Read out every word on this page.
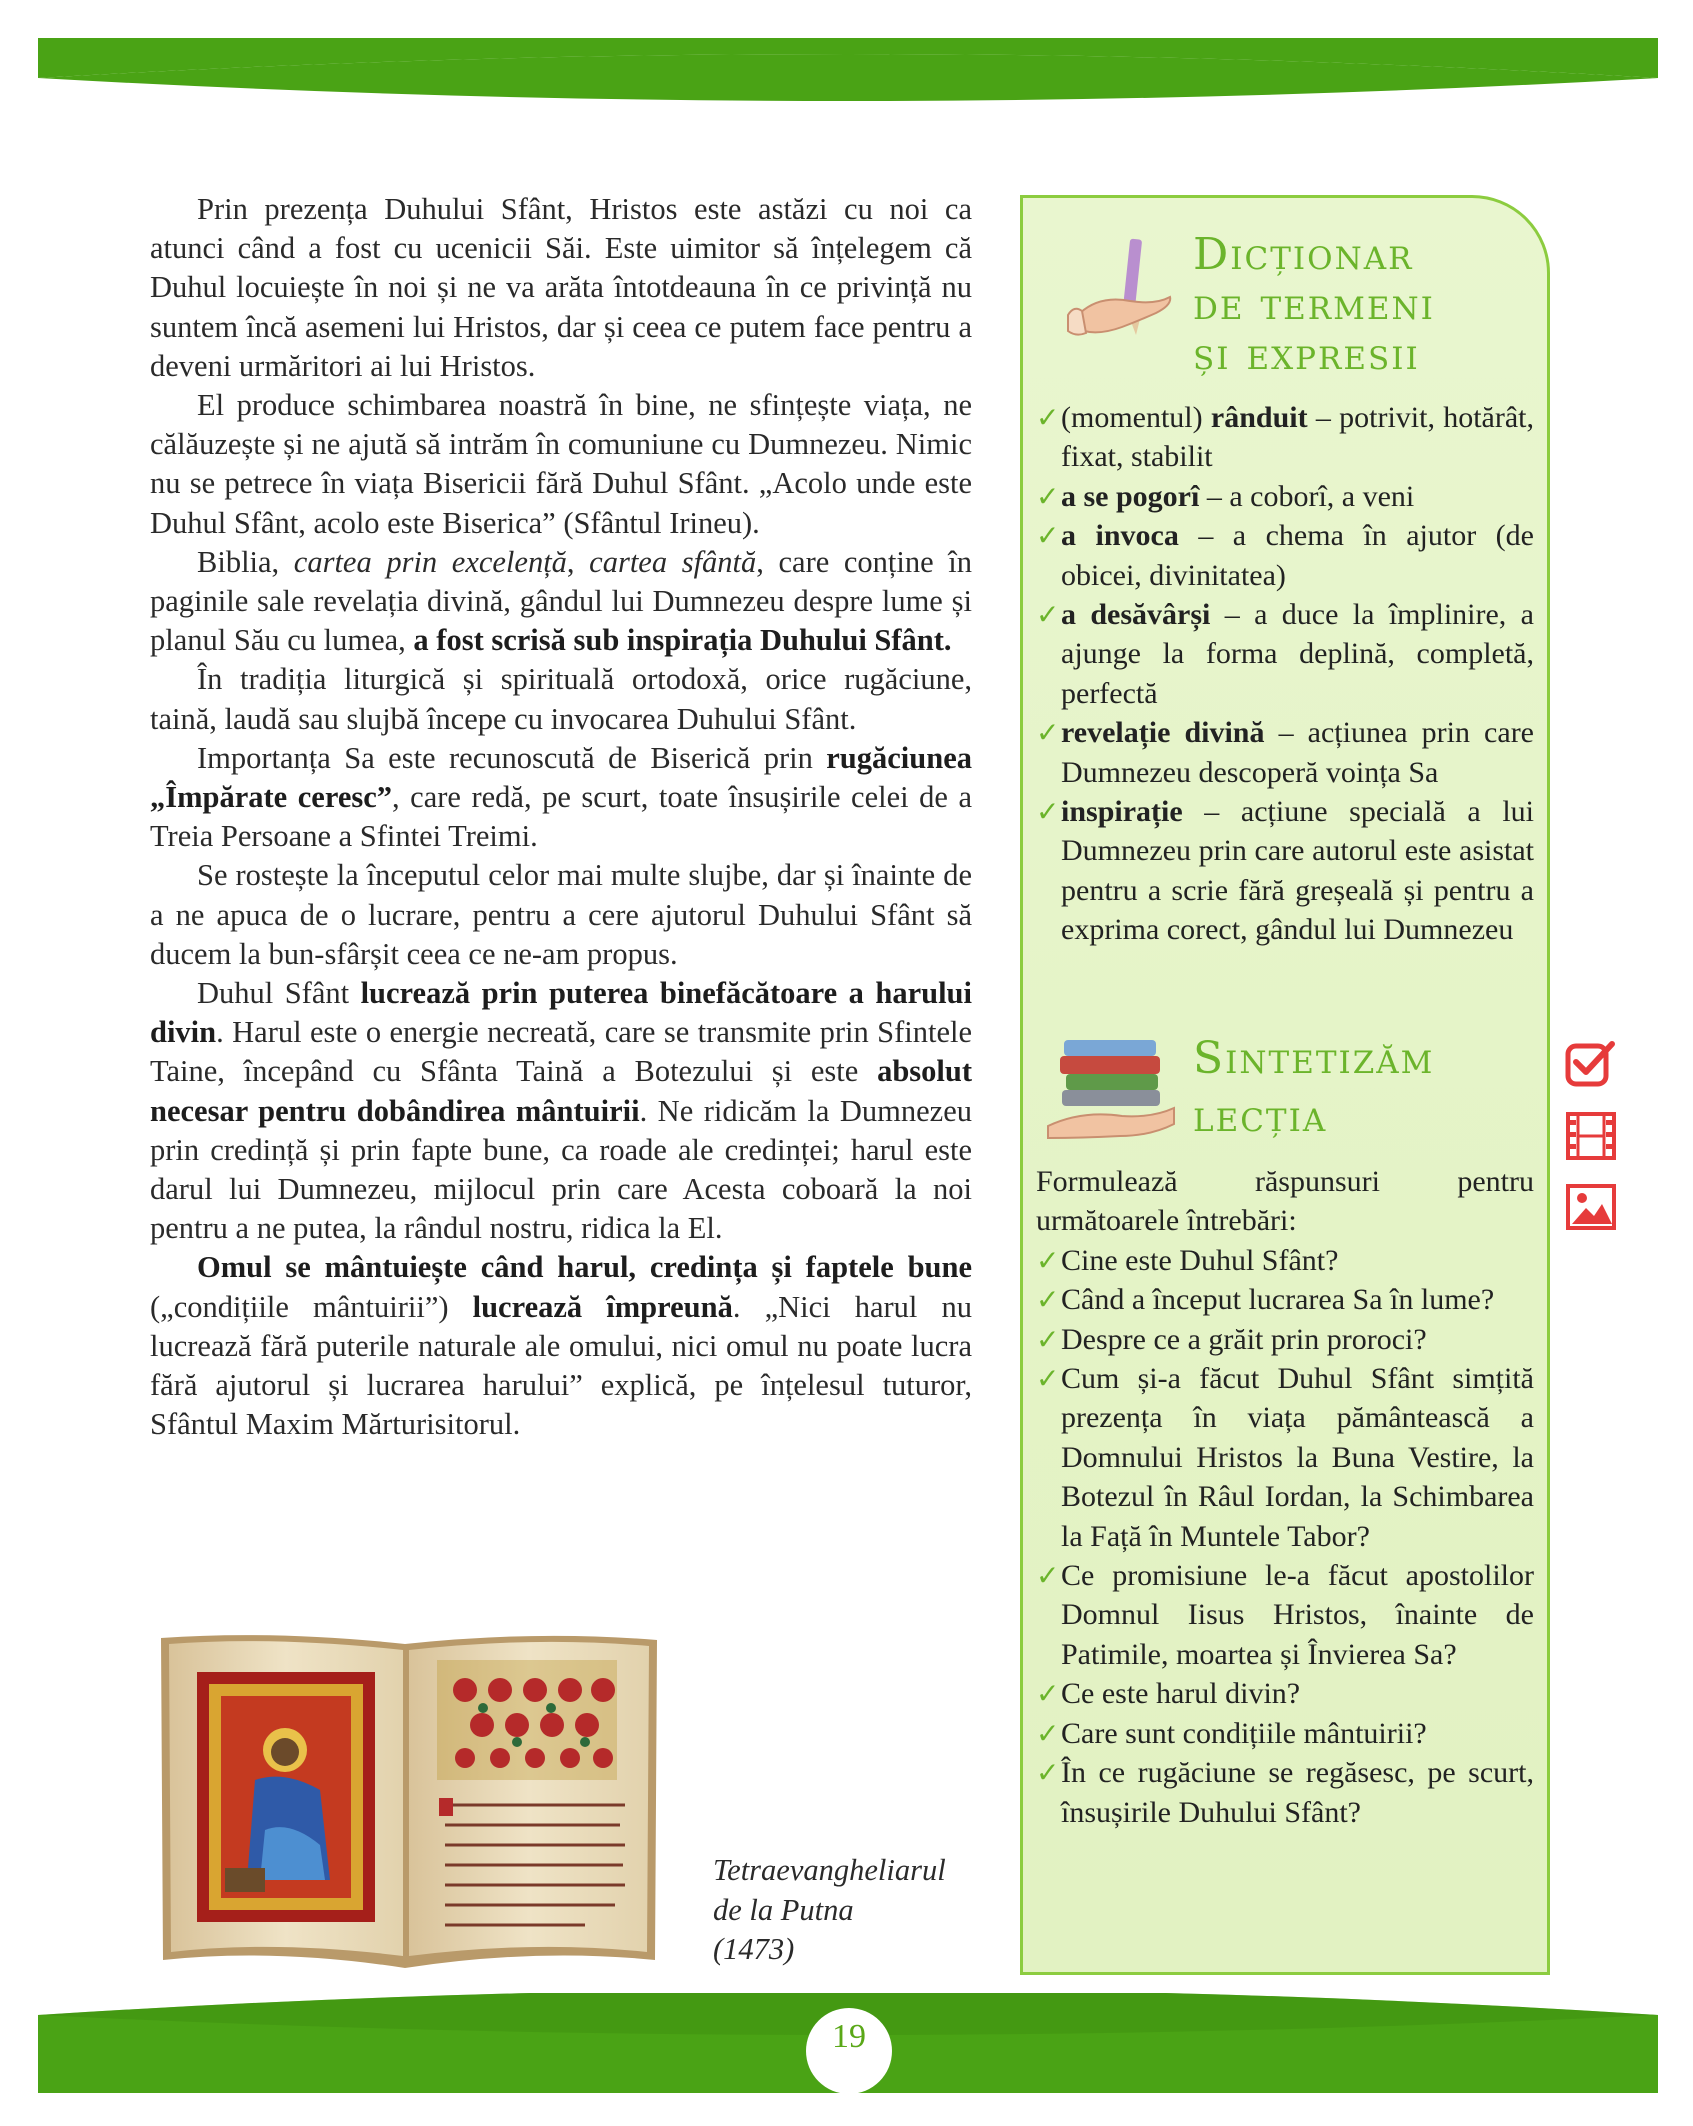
Prin prezența Duhului Sfânt, Hristos este astăzi cu noi ca atunci când a fost cu ucenicii Săi. Este uimitor să înțelegem că Duhul locuiește în noi și ne va arăta întotdeauna în ce privință nu suntem încă asemeni lui Hristos, dar și ceea ce putem face pentru a deveni urmăritori ai lui Hristos.

El produce schimbarea noastră în bine, ne sfințește viața, ne călăuzește și ne ajută să intrăm în comuniune cu Dumnezeu. Nimic nu se petrece în viața Bisericii fără Duhul Sfânt. „Acolo unde este Duhul Sfânt, acolo este Biserica” (Sfântul Irineu).

Biblia, cartea prin excelență, cartea sfântă, care conține în paginile sale revelația divină, gândul lui Dumnezeu despre lume și planul Său cu lumea, a fost scrisă sub inspirația Duhului Sfânt.

În tradiția liturgică și spirituală ortodoxă, orice rugăciune, taină, laudă sau slujbă începe cu invocarea Duhului Sfânt.

Importanța Sa este recunoscută de Biserică prin rugăciunea „Împărate ceresc”, care redă, pe scurt, toate însușirile celei de a Treia Persoane a Sfintei Treimi.

Se rostește la începutul celor mai multe slujbe, dar și înainte de a ne apuca de o lucrare, pentru a cere ajutorul Duhului Sfânt să ducem la bun-sfârșit ceea ce ne-am propus.

Duhul Sfânt lucrează prin puterea binefăcătoare a harului divin. Harul este o energie necreată, care se transmite prin Sfintele Taine, începând cu Sfânta Taină a Botezului și este absolut necesar pentru dobândirea mântuirii. Ne ridicăm la Dumnezeu prin credință și prin fapte bune, ca roade ale credinței; harul este darul lui Dumnezeu, mijlocul prin care Acesta coboară la noi pentru a ne putea, la rândul nostru, ridica la El.

Omul se mântuiește când harul, credința și faptele bune („condițiile mântuirii”) lucrează împreună. „Nici harul nu lucrează fără puterile naturale ale omului, nici omul nu poate lucra fără ajutorul și lucrarea harului” explică, pe înțelesul tuturor, Sfântul Maxim Mărturisitorul.

Tetraevangheliarul
de la Putna
(1473)
Dicționar
de termeni
și expresii
✓ (momentul) rânduit – potrivit, hotărât, fixat, stabilit
✓ a se pogorî – a coborî, a veni
✓ a invoca – a chema în ajutor (de obicei, divinitatea)
✓ a desăvârși – a duce la împlinire, a ajunge la forma deplină, completă, perfectă
✓ revelație divină – acțiunea prin care Dumnezeu descoperă voința Sa
✓ inspirație – acțiune specială a lui Dumnezeu prin care autorul este asistat pentru a scrie fără greșeală și pentru a exprima corect, gândul lui Dumnezeu
Sintetizăm
lecția
Formulează răspunsuri pentru următoarele întrebări:
✓ Cine este Duhul Sfânt?
✓ Când a început lucrarea Sa în lume?
✓ Despre ce a grăit prin proroci?
✓ Cum și-a făcut Duhul Sfânt simțită prezența în viața pământească a Domnului Hristos la Buna Vestire, la Botezul în Râul Iordan, la Schimbarea la Față în Muntele Tabor?
✓ Ce promisiune le-a făcut apostolilor Domnul Iisus Hristos, înainte de Patimile, moartea și Învierea Sa?
✓ Ce este harul divin?
✓ Care sunt condițiile mântuirii?
✓ În ce rugăciune se regăsesc, pe scurt, însușirile Duhului Sfânt?
19
